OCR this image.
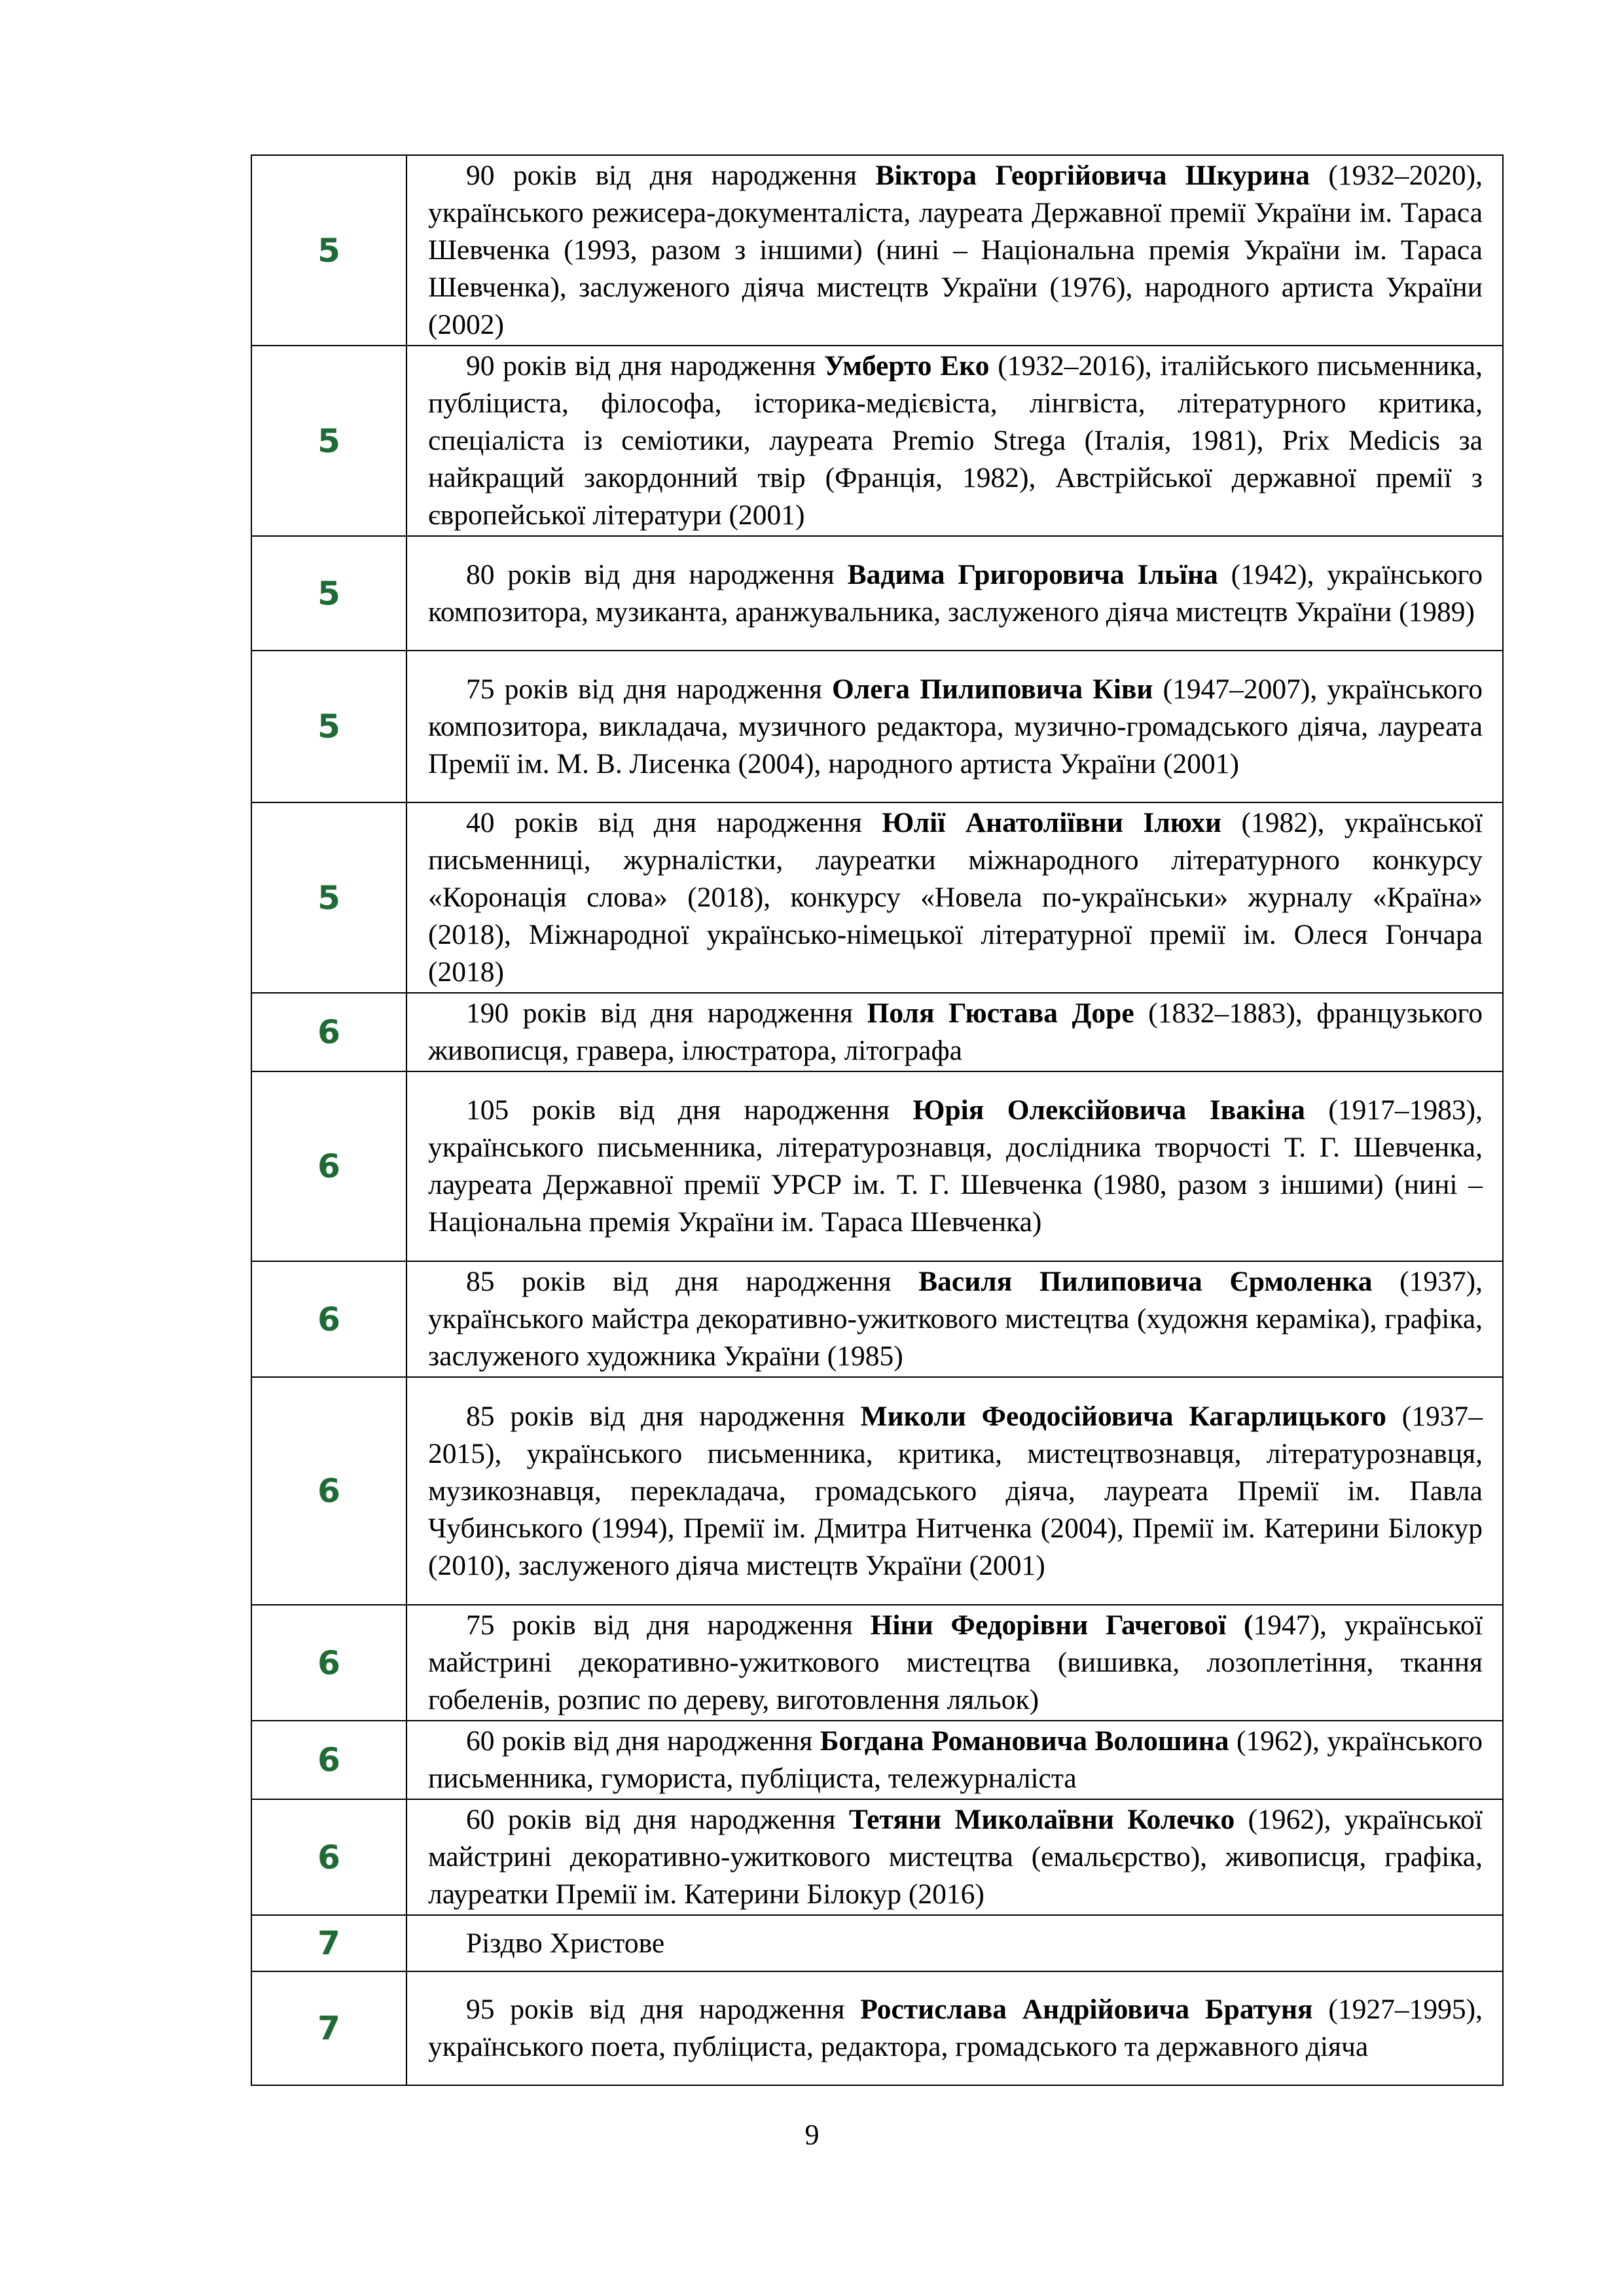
5	90 років від дня народження Віктора Георгійовича Шкурина (1932–2020), українського режисера-документаліста, лауреата Державної премії України ім. Тараса Шевченка (1993, разом з іншими) (нині – Національна премія України ім. Тараса Шевченка), заслуженого діяча мистецтв України (1976), народного артиста України (2002)

5	90 років від дня народження Умберто Еко (1932–2016), італійського письменника, публіциста, філософа, історика-медієвіста, лінгвіста, літературного критика, спеціаліста із семіотики, лауреата Premio Strega (Італія, 1981), Prix Medicis за найкращий закордонний твір (Франція, 1982), Австрійської державної премії з європейської літератури (2001)

5	80 років від дня народження Вадима Григоровича Ільїна (1942), українського композитора, музиканта, аранжувальника, заслуженого діяча мистецтв України (1989)

5	75 років від дня народження Олега Пилиповича Ківи (1947–2007), українського композитора, викладача, музичного редактора, музично-громадського діяча, лауреата Премії ім. М. В. Лисенка (2004), народного артиста України (2001)

5	40 років від дня народження Юлії Анатоліївни Ілюхи (1982), української письменниці, журналістки, лауреатки міжнародного літературного конкурсу «Коронація слова» (2018), конкурсу «Новела по-українськи» журналу «Країна» (2018), Міжнародної українсько-німецької літературної премії ім. Олеся Гончара (2018)

6	190 років від дня народження Поля Гюстава Доре (1832–1883), французького живописця, гравера, ілюстратора, літографа

6	105 років від дня народження Юрія Олексійовича Івакіна (1917–1983), українського письменника, літературознавця, дослідника творчості Т. Г. Шевченка, лауреата Державної премії УРСР ім. Т. Г. Шевченка (1980, разом з іншими) (нині – Національна премія України ім. Тараса Шевченка)

6	85 років від дня народження Василя Пилиповича Єрмоленка (1937), українського майстра декоративно-ужиткового мистецтва (художня кераміка), графіка, заслуженого художника України (1985)

6	85 років від дня народження Миколи Феодосійовича Кагарлицького (1937–2015), українського письменника, критика, мистецтвознавця, літературознавця, музикознавця, перекладача, громадського діяча, лауреата Премії ім. Павла Чубинського (1994), Премії ім. Дмитра Нитченка (2004), Премії ім. Катерини Білокур (2010), заслуженого діяча мистецтв України (2001)

6	75 років від дня народження Ніни Федорівни Гачегової (1947), української майстрині декоративно-ужиткового мистецтва (вишивка, лозоплетіння, ткання гобеленів, розпис по дереву, виготовлення ляльок)

6	60 років від дня народження Богдана Романовича Волошина (1962), українського письменника, гумориста, публіциста, тележурналіста

6	60 років від дня народження Тетяни Миколаївни Колечко (1962), української майстрині декоративно-ужиткового мистецтва (емальєрство), живописця, графіка, лауреатки Премії ім. Катерини Білокур (2016)

7	Різдво Христове

7	95 років від дня народження Ростислава Андрійовича Братуня (1927–1995), українського поета, публіциста, редактора, громадського та державного діяча

9
